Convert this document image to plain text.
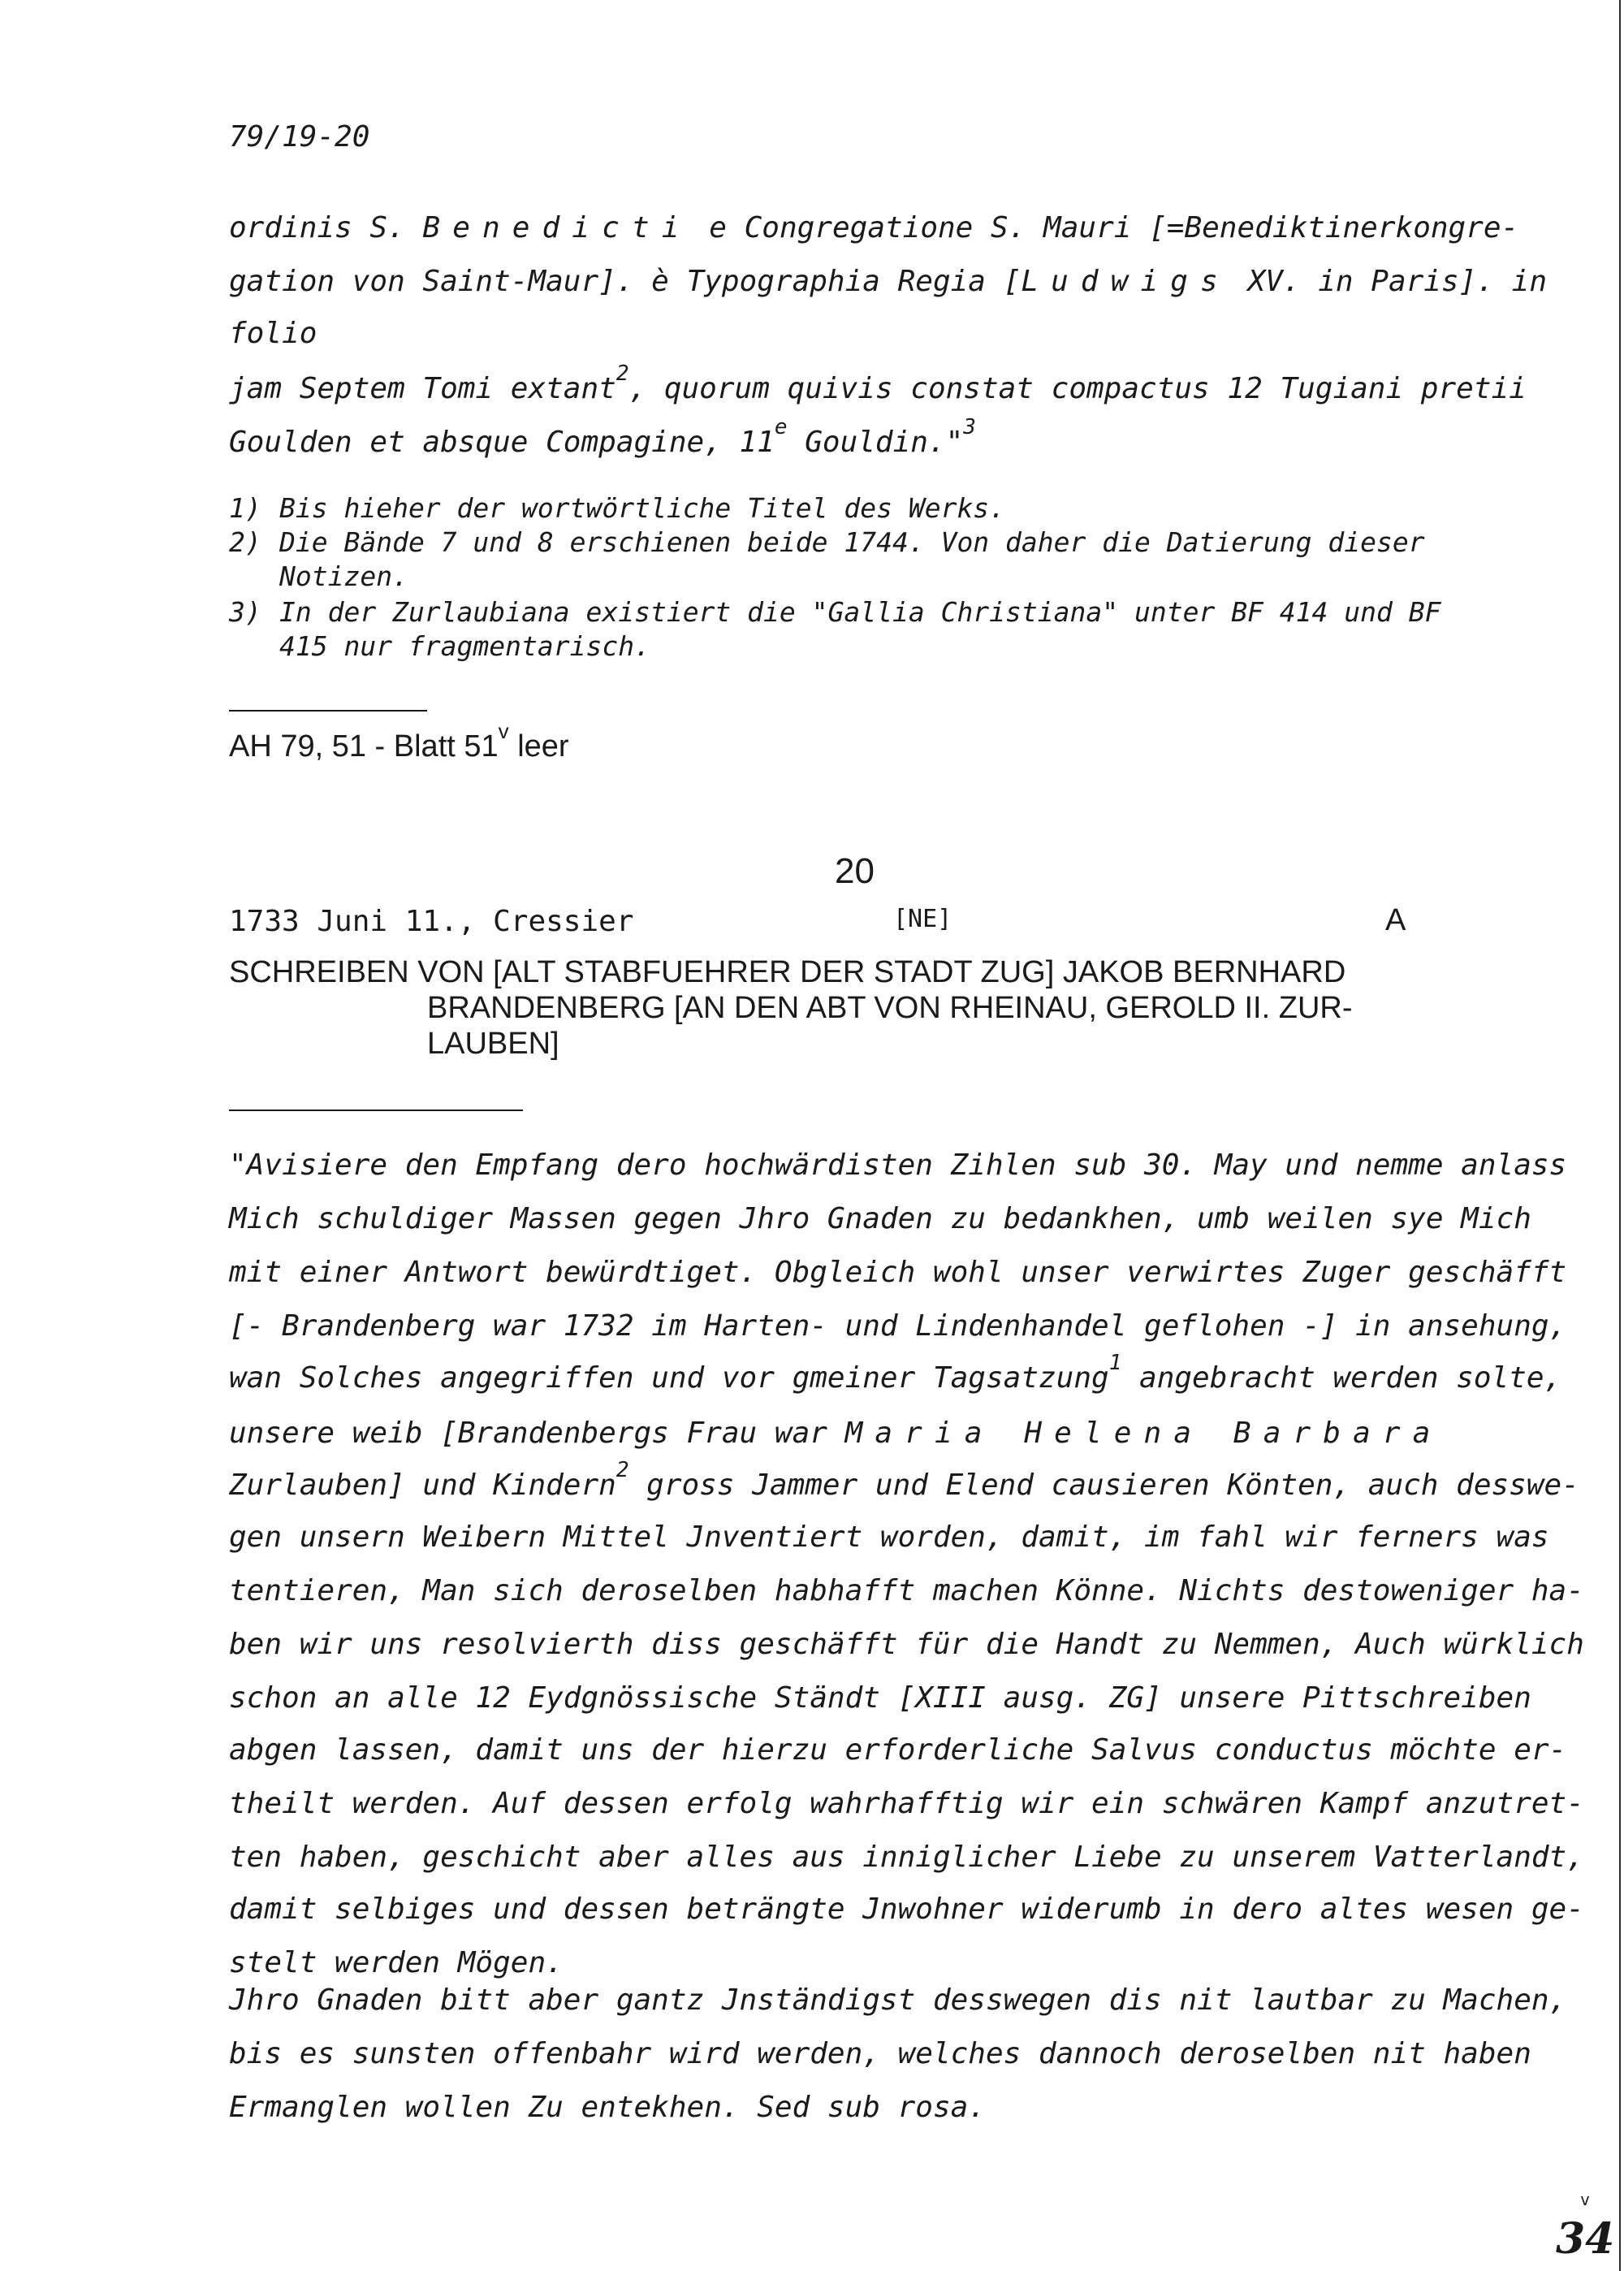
79/19-20
ordinis S. Benedicti e Congregatione S. Mauri [=Benediktinerkongre-
gation von Saint-Maur]. è Typographia Regia [Ludwigs XV. in Paris]. in
folio
jam Septem Tomi extant$^2$, quorum quivis constat compactus 12 Tugiani pretii
Goulden et absque Compagine, 11e Gouldin."$^3$
1) Bis hieher der wortwörtliche Titel des Werks.
2) Die Bände 7 und 8 erschienen beide 1744. Von daher die Datierung dieser
Notizen.
3) In der Zurlaubiana existiert die "Gallia Christiana" unter BF 414 und BF
415 nur fragmentarisch.
AH 79, 51 - Blatt 51$^v$ leer
20
1733 Juni 11., Cressier	[NE]	A
SCHREIBEN VON [ALT STABFUEHRER DER STADT ZUG] JAKOB BERNHARD
BRANDENBERG [AN DEN ABT VON RHEINAU, GEROLD II. ZUR-
LAUBEN]
"Avisiere den Empfang dero hochwärdisten Zihlen sub 30. May und nemme anlass
Mich schuldiger Massen gegen Jhro Gnaden zu bedankhen, umb weilen sye Mich
mit einer Antwort bewürdtiget. Obgleich wohl unser verwirtes Zuger geschäfft
[- Brandenberg war 1732 im Harten- und Lindenhandel geflohen -] in ansehung,
wan Solches angegriffen und vor gmeiner Tagsatzung$^1$ angebracht werden solte,
unsere weib [Brandenbergs Frau war Maria Helena Barbara
Zurlauben] und Kindern$^2$ gross Jammer und Elend causieren Könten, auch desswe-
gen unsern Weibern Mittel Jnventiert worden, damit, im fahl wir ferners was
tentieren, Man sich deroselben habhafft machen Könne. Nichts destoweniger ha-
ben wir uns resolvierth diss geschäfft für die Handt zu Nemmen, Auch würklich
schon an alle 12 Eydgnössische Ständt [XIII ausg. ZG] unsere Pittschreiben
abgen lassen, damit uns der hierzu erforderliche Salvus conductus möchte er-
theilt werden. Auf dessen erfolg wahrhafftig wir ein schwären Kampf anzutret-
ten haben, geschicht aber alles aus inniglicher Liebe zu unserem Vatterlandt,
damit selbiges und dessen beträngte Jnwohner widerumb in dero altes wesen ge-
stelt werden Mögen.
Jhro Gnaden bitt aber gantz Jnständigst desswegen dis nit lautbar zu Machen,
bis es sunsten offenbahr wird werden, welches dannoch deroselben nit haben
Ermanglen wollen Zu entekhen. Sed sub rosa.
34
v
